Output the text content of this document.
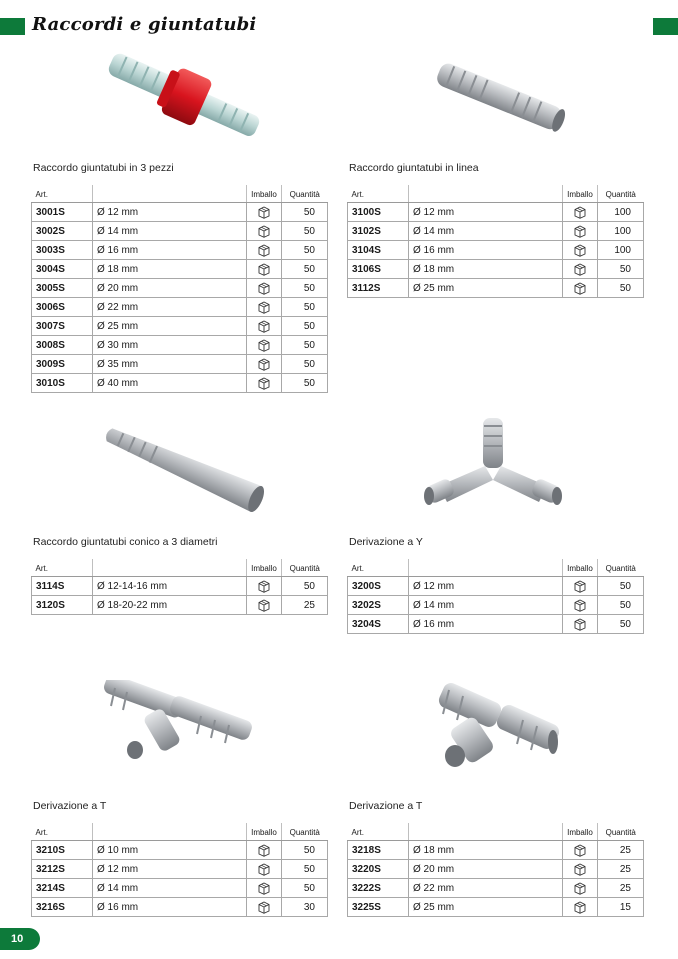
Raccordi e giuntatubi
Raccordo giuntatubi in 3 pezzi
Art.		Imballo	Quantità
3001S	Ø 12 mm		50
3002S	Ø 14 mm		50
3003S	Ø 16 mm		50
3004S	Ø 18 mm		50
3005S	Ø 20 mm		50
3006S	Ø 22 mm		50
3007S	Ø 25 mm		50
3008S	Ø 30 mm		50
3009S	Ø 35 mm		50
3010S	Ø 40 mm		50
Raccordo giuntatubi in linea
Art.		Imballo	Quantità
3100S	Ø 12 mm		100
3102S	Ø 14 mm		100
3104S	Ø 16 mm		100
3106S	Ø 18 mm		50
3112S	Ø 25 mm		50
Raccordo giuntatubi conico a 3 diametri
Art.		Imballo	Quantità
3114S	Ø 12-14-16 mm		50
3120S	Ø 18-20-22 mm		25
Derivazione a Y
Art.		Imballo	Quantità
3200S	Ø 12 mm		50
3202S	Ø 14 mm		50
3204S	Ø 16 mm		50
Derivazione a T
Art.		Imballo	Quantità
3210S	Ø 10 mm		50
3212S	Ø 12 mm		50
3214S	Ø 14 mm		50
3216S	Ø 16 mm		30
Derivazione a T
Art.		Imballo	Quantità
3218S	Ø 18 mm		25
3220S	Ø 20 mm		25
3222S	Ø 22 mm		25
3225S	Ø 25 mm		15
10
